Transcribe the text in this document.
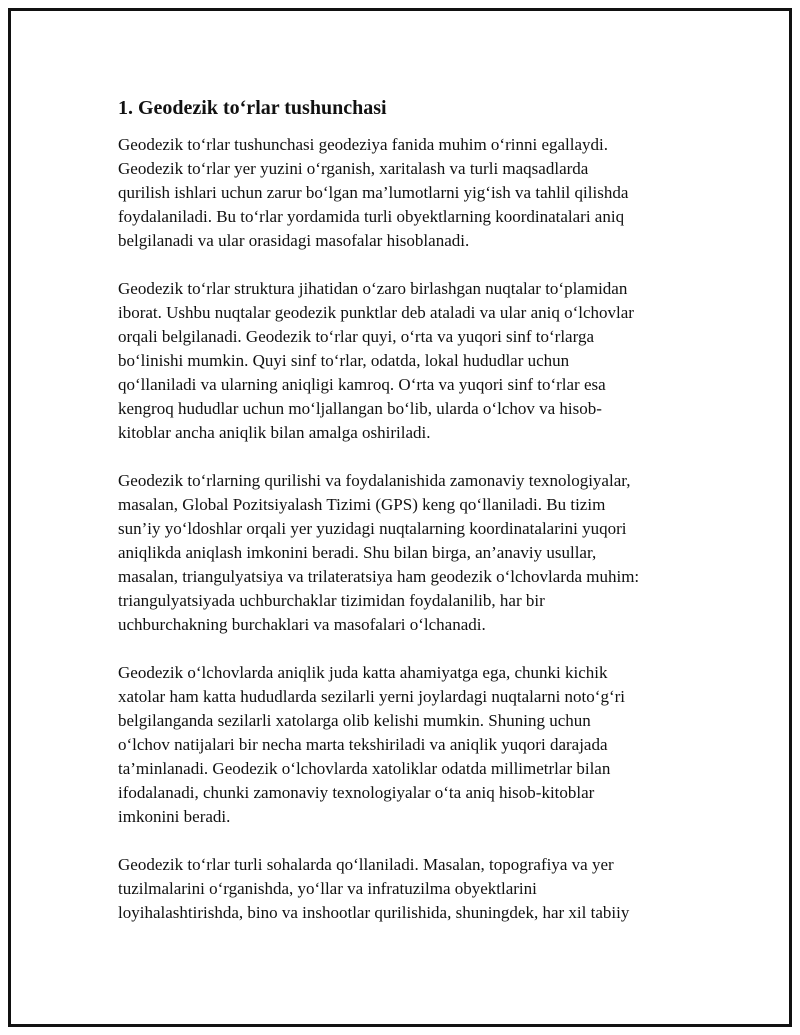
1. Geodezik to‘rlar tushunchasi

Geodezik to‘rlar tushunchasi geodeziya fanida muhim o‘rinni egallaydi.
Geodezik to‘rlar yer yuzini o‘rganish, xaritalash va turli maqsadlarda
qurilish ishlari uchun zarur bo‘lgan ma’lumotlarni yig‘ish va tahlil qilishda
foydalaniladi. Bu to‘rlar yordamida turli obyektlarning koordinatalari aniq
belgilanadi va ular orasidagi masofalar hisoblanadi.

Geodezik to‘rlar struktura jihatidan o‘zaro birlashgan nuqtalar to‘plamidan
iborat. Ushbu nuqtalar geodezik punktlar deb ataladi va ular aniq o‘lchovlar
orqali belgilanadi. Geodezik to‘rlar quyi, o‘rta va yuqori sinf to‘rlarga
bo‘linishi mumkin. Quyi sinf to‘rlar, odatda, lokal hududlar uchun
qo‘llaniladi va ularning aniqligi kamroq. O‘rta va yuqori sinf to‘rlar esa
kengroq hududlar uchun mo‘ljallangan bo‘lib, ularda o‘lchov va hisob-
kitoblar ancha aniqlik bilan amalga oshiriladi.

Geodezik to‘rlarning qurilishi va foydalanishida zamonaviy texnologiyalar,
masalan, Global Pozitsiyalash Tizimi (GPS) keng qo‘llaniladi. Bu tizim
sun’iy yo‘ldoshlar orqali yer yuzidagi nuqtalarning koordinatalarini yuqori
aniqlikda aniqlash imkonini beradi. Shu bilan birga, an’anaviy usullar,
masalan, triangulyatsiya va trilateratsiya ham geodezik o‘lchovlarda muhim:
triangulyatsiyada uchburchaklar tizimidan foydalanilib, har bir
uchburchakning burchaklari va masofalari o‘lchanadi.

Geodezik o‘lchovlarda aniqlik juda katta ahamiyatga ega, chunki kichik
xatolar ham katta hududlarda sezilarli yerni joylardagi nuqtalarni noto‘g‘ri
belgilanganda sezilarli xatolarga olib kelishi mumkin. Shuning uchun
o‘lchov natijalari bir necha marta tekshiriladi va aniqlik yuqori darajada
ta’minlanadi. Geodezik o‘lchovlarda xatoliklar odatda millimetrlar bilan
ifodalanadi, chunki zamonaviy texnologiyalar o‘ta aniq hisob-kitoblar
imkonini beradi.

Geodezik to‘rlar turli sohalarda qo‘llaniladi. Masalan, topografiya va yer
tuzilmalarini o‘rganishda, yo‘llar va infratuzilma obyektlarini
loyihalashtirishda, bino va inshootlar qurilishida, shuningdek, har xil tabiiy
